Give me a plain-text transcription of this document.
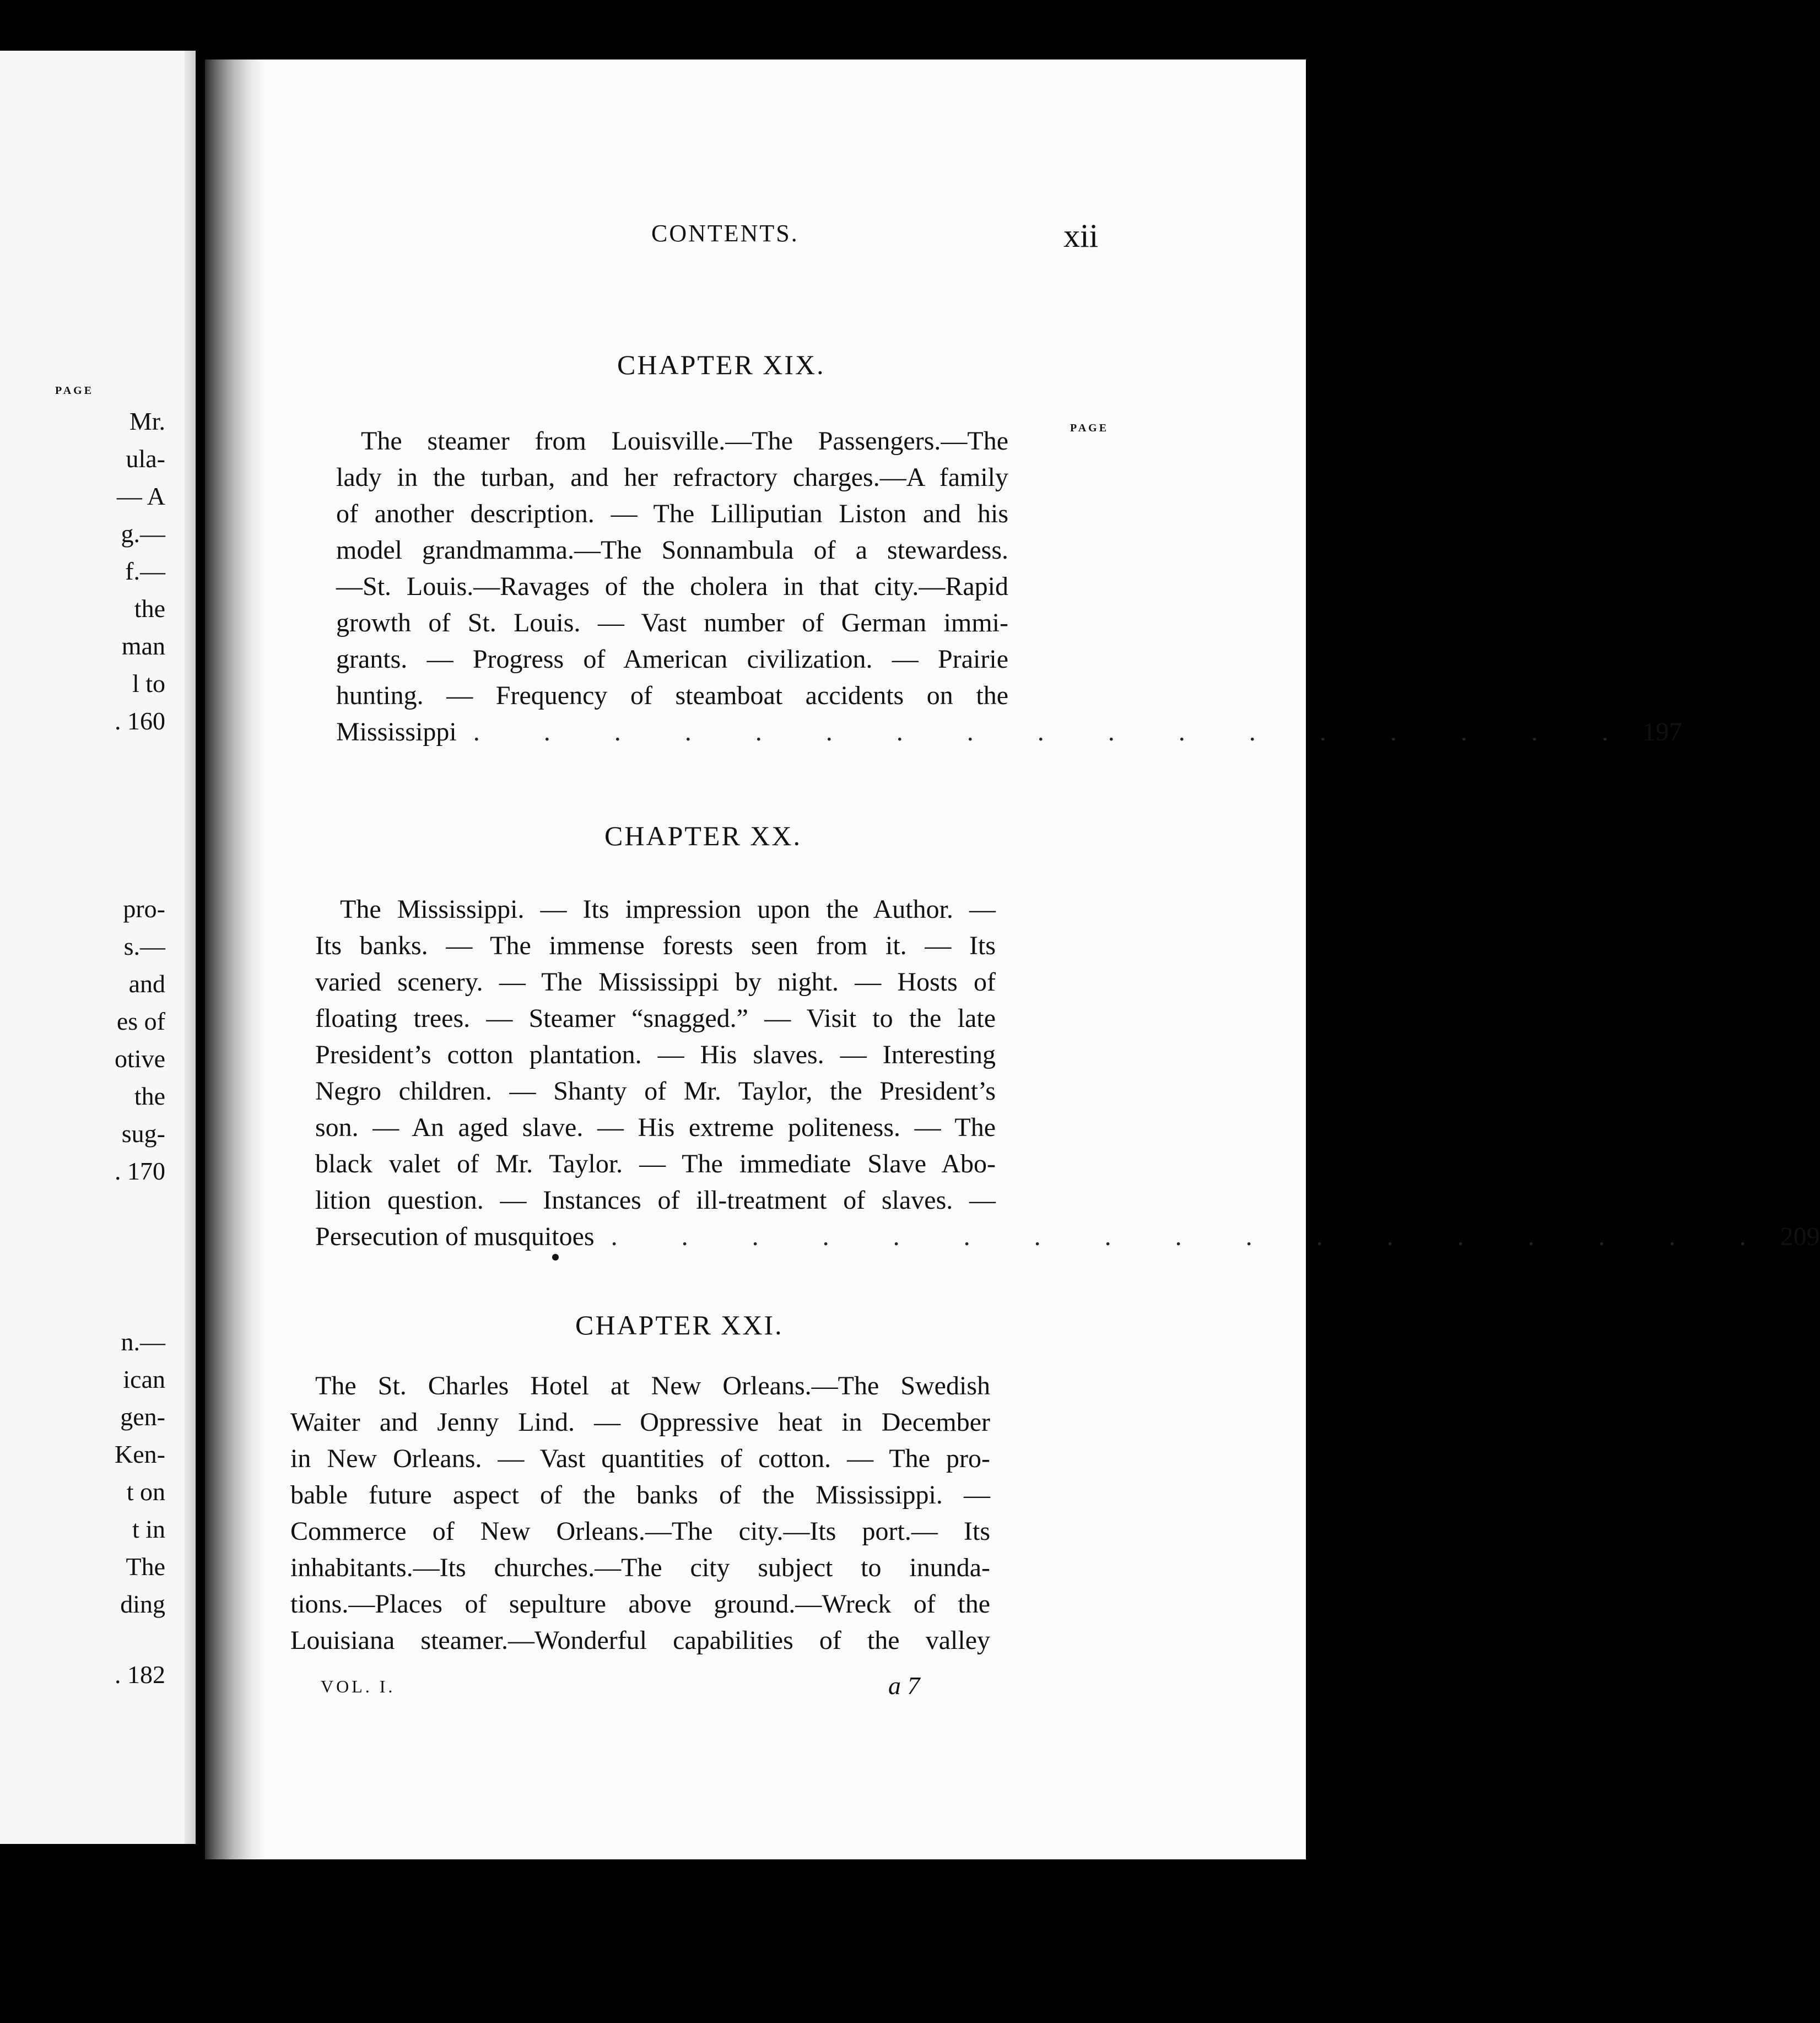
PAGE
Mr.
ula-
— A
g.—
f.—
the
man
l to
. 160
pro-
s.—
and
es of
otive
the
sug-
. 170
n.—
ican
gen-
Ken-
t on
t in
The
ding
. 182
CONTENTS.	xii
CHAPTER XIX.
PAGE
The steamer from Louisville.—The Passengers.—The
lady in the turban, and her refractory charges.—A family
of another description. — The Lilliputian Liston and his
model grandmamma.—The Sonnambula of a stewardess.
—St. Louis.—Ravages of the cholera in that city.—Rapid
growth of St. Louis. — Vast number of German immi-
grants. — Progress of American civilization. — Prairie
hunting. — Frequency of steamboat accidents on the
Mississippi . . . . . . . . . . . . . . . . . 197
CHAPTER XX.
The Mississippi. — Its impression upon the Author. —
Its banks. — The immense forests seen from it. — Its
varied scenery. — The Mississippi by night. — Hosts of
floating trees. — Steamer “snagged.” — Visit to the late
President’s cotton plantation. — His slaves. — Interesting
Negro children. — Shanty of Mr. Taylor, the President’s
son. — An aged slave. — His extreme politeness. — The
black valet of Mr. Taylor. — The immediate Slave Abo-
lition question. — Instances of ill-treatment of slaves. —
Persecution of musquitoes . . . . . . . . . . . . . . . . . 209
CHAPTER XXI.
The St. Charles Hotel at New Orleans.—The Swedish
Waiter and Jenny Lind. — Oppressive heat in December
in New Orleans. — Vast quantities of cotton. — The pro-
bable future aspect of the banks of the Mississippi. —
Commerce of New Orleans.—The city.—Its port.— Its
inhabitants.—Its churches.—The city subject to inunda-
tions.—Places of sepulture above ground.—Wreck of the
Louisiana steamer.—Wonderful capabilities of the valley
VOL. I.	a 7
